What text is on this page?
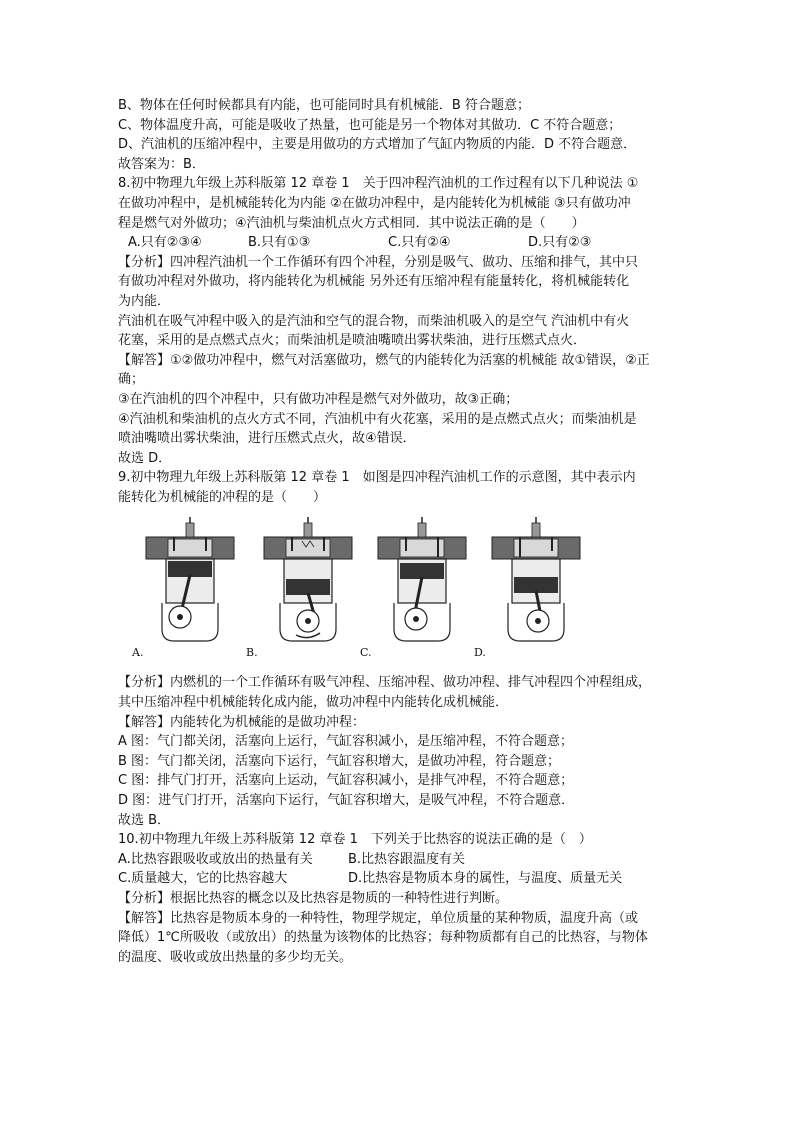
B、物体在任何时候都具有内能，也可能同时具有机械能．B 符合题意；
C、物体温度升高，可能是吸收了热量，也可能是另一个物体对其做功．C 不符合题意；
D、汽油机的压缩冲程中，主要是用做功的方式增加了气缸内物质的内能．D 不符合题意．
故答案为：B．
8.初中物理九年级上苏科版第 12 章卷 1　关于四冲程汽油机的工作过程有以下几种说法 ①
在做功冲程中，是机械能转化为内能 ②在做功冲程中，是内能转化为机械能 ③只有做功冲
程是燃气对外做功；④汽油机与柴油机点火方式相同．其中说法正确的是（　　）
A.只有②③④	B.只有①③	C.只有②④	D.只有②③
【分析】四冲程汽油机一个工作循环有四个冲程，分别是吸气、做功、压缩和排气，其中只
有做功冲程对外做功，将内能转化为机械能 另外还有压缩冲程有能量转化，将机械能转化
为内能．
汽油机在吸气冲程中吸入的是汽油和空气的混合物，而柴油机吸入的是空气 汽油机中有火
花塞，采用的是点燃式点火；而柴油机是喷油嘴喷出雾状柴油，进行压燃式点火．
【解答】①②做功冲程中，燃气对活塞做功，燃气的内能转化为活塞的机械能 故①错误，②正
确；
③在汽油机的四个冲程中，只有做功冲程是燃气对外做功，故③正确；
④汽油机和柴油机的点火方式不同，汽油机中有火花塞，采用的是点燃式点火；而柴油机是
喷油嘴喷出雾状柴油，进行压燃式点火，故④错误．
故选 D．
9.初中物理九年级上苏科版第 12 章卷 1　如图是四冲程汽油机工作的示意图，其中表示内
能转化为机械能的冲程的是（　　）
A.	B.	C.	D.
【分析】内燃机的一个工作循环有吸气冲程、压缩冲程、做功冲程、排气冲程四个冲程组成，
其中压缩冲程中机械能转化成内能，做功冲程中内能转化成机械能．
【解答】内能转化为机械能的是做功冲程：
A 图：气门都关闭，活塞向上运行，气缸容积减小，是压缩冲程，不符合题意；
B 图：气门都关闭，活塞向下运行，气缸容积增大，是做功冲程，符合题意；
C 图：排气门打开，活塞向上运动，气缸容积减小，是排气冲程，不符合题意；
D 图：进气门打开，活塞向下运行，气缸容积增大，是吸气冲程，不符合题意．
故选 B．
10.初中物理九年级上苏科版第 12 章卷 1　下列关于比热容的说法正确的是（　）
A.比热容跟吸收或放出的热量有关	B.比热容跟温度有关
C.质量越大，它的比热容越大	D.比热容是物质本身的属性，与温度、质量无关
【分析】根据比热容的概念以及比热容是物质的一种特性进行判断。
【解答】比热容是物质本身的一种特性，物理学规定，单位质量的某种物质，温度升高（或
降低）1℃所吸收（或放出）的热量为该物体的比热容；每种物质都有自己的比热容，与物体
的温度、吸收或放出热量的多少均无关。
